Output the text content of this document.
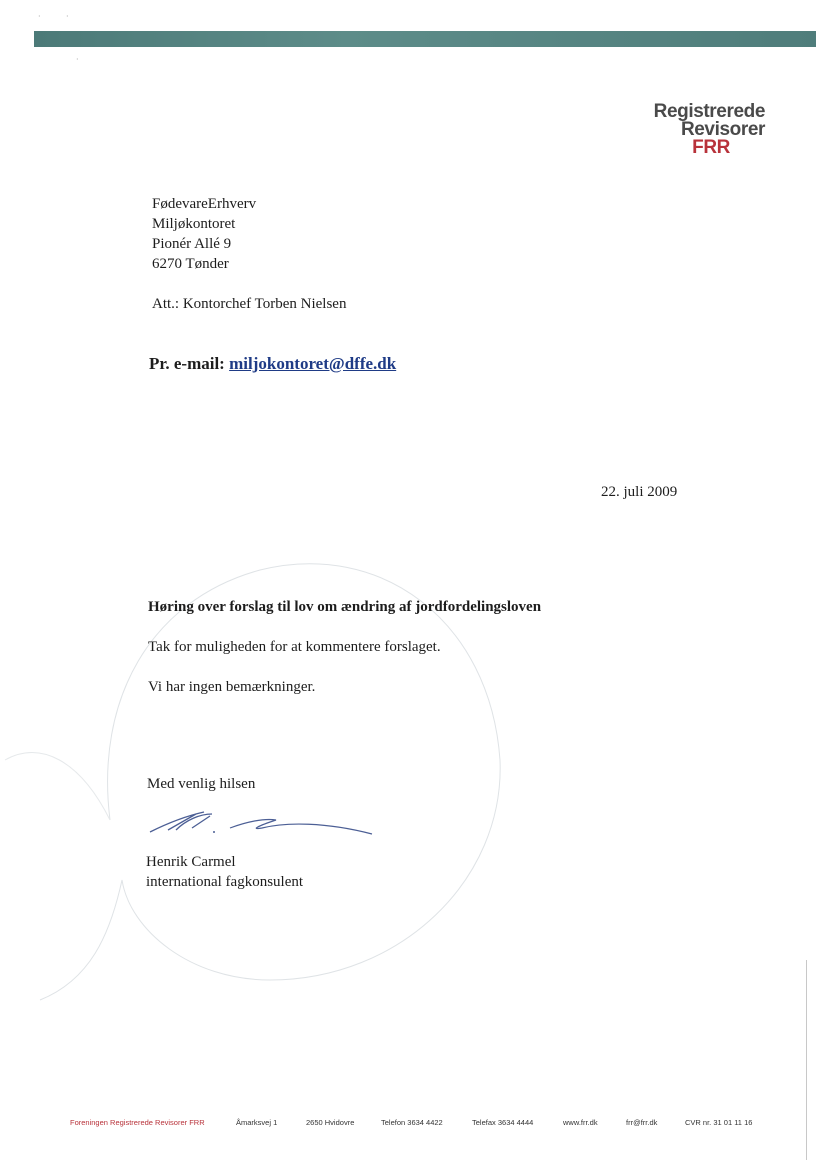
·	·
·
Registrerede
Revisorer
FRR
FødevareErhverv
Miljøkontoret
Pionér Allé 9
6270 Tønder
Att.: Kontorchef Torben Nielsen
Pr. e-mail: miljokontoret@dffe.dk
22. juli 2009
Høring over forslag til lov om ændring af jordfordelingsloven
Tak for muligheden for at kommentere forslaget.
Vi har ingen bemærkninger.
Med venlig hilsen
Henrik Carmel
international fagkonsulent
Foreningen Registrerede Revisorer FRR	Åmarksvej 1	2650 Hvidovre	Telefon 3634 4422	Telefax 3634 4444	www.frr.dk	frr@frr.dk	CVR nr. 31 01 11 16
